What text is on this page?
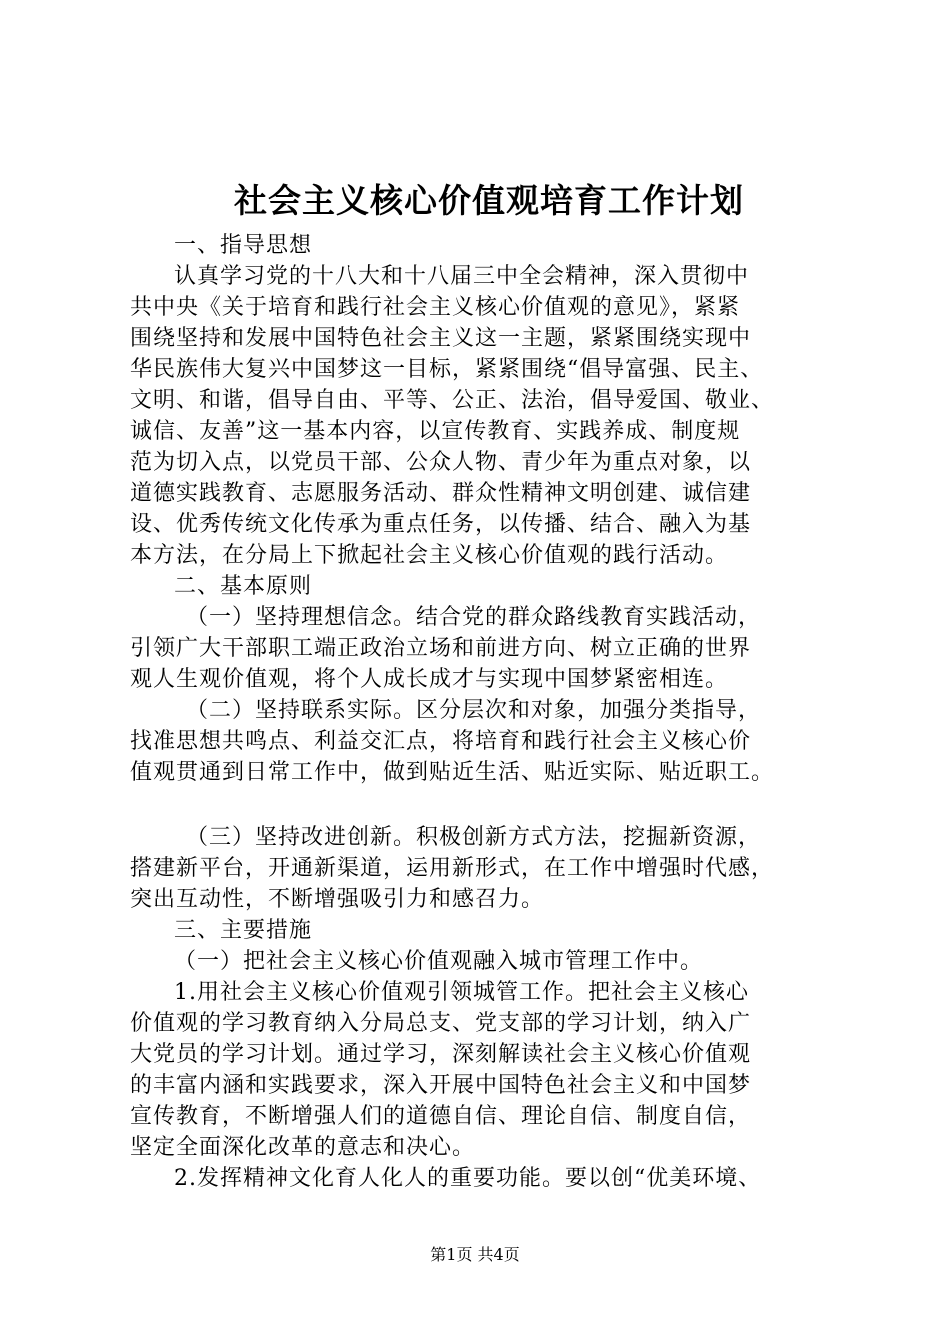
社会主义核心价值观培育工作计划
一、指导思想
认真学习党的十八大和十八届三中全会精神，深入贯彻中
共中央《关于培育和践行社会主义核心价值观的意见》，紧紧
围绕坚持和发展中国特色社会主义这一主题，紧紧围绕实现中
华民族伟大复兴中国梦这一目标，紧紧围绕“倡导富强、民主、
文明、和谐，倡导自由、平等、公正、法治，倡导爱国、敬业、
诚信、友善”这一基本内容，以宣传教育、实践养成、制度规
范为切入点，以党员干部、公众人物、青少年为重点对象，以
道德实践教育、志愿服务活动、群众性精神文明创建、诚信建
设、优秀传统文化传承为重点任务，以传播、结合、融入为基
本方法，在分局上下掀起社会主义核心价值观的践行活动。
二、基本原则
（一）坚持理想信念。结合党的群众路线教育实践活动，
引领广大干部职工端正政治立场和前进方向、树立正确的世界
观人生观价值观，将个人成长成才与实现中国梦紧密相连。
（二）坚持联系实际。区分层次和对象，加强分类指导，
找准思想共鸣点、利益交汇点，将培育和践行社会主义核心价
值观贯通到日常工作中，做到贴近生活、贴近实际、贴近职工。
（三）坚持改进创新。积极创新方式方法，挖掘新资源，
搭建新平台，开通新渠道，运用新形式，在工作中增强时代感，
突出互动性，不断增强吸引力和感召力。
三、主要措施
（一）把社会主义核心价值观融入城市管理工作中。
1.用社会主义核心价值观引领城管工作。把社会主义核心
价值观的学习教育纳入分局总支、党支部的学习计划，纳入广
大党员的学习计划。通过学习，深刻解读社会主义核心价值观
的丰富内涵和实践要求，深入开展中国特色社会主义和中国梦
宣传教育，不断增强人们的道德自信、理论自信、制度自信，
坚定全面深化改革的意志和决心。
2.发挥精神文化育人化人的重要功能。要以创“优美环境、
第1页 共4页
